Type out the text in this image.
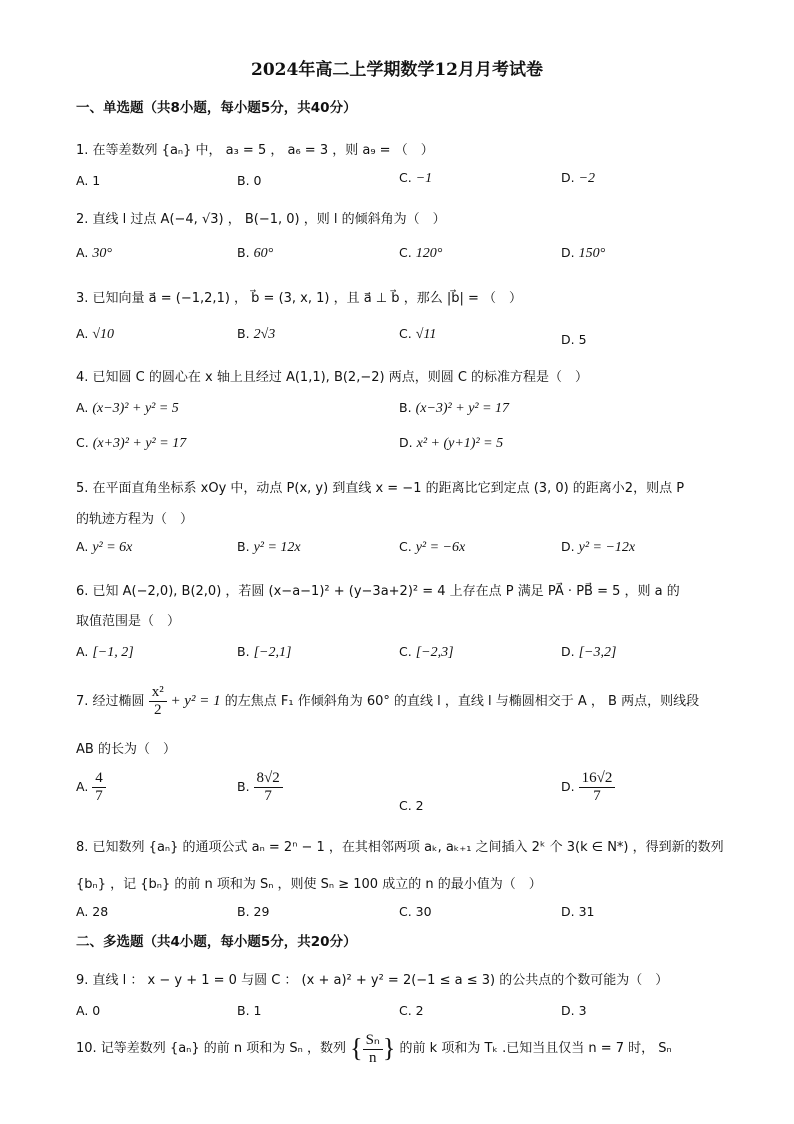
2024年高二上学期数学12月月考试卷
一、单选题（共8小题，每小题5分，共40分）
1. 在等差数列 {aₙ} 中， a₃ = 5 ， a₆ = 3 ，则 a₉ = （　）
A. 1	B. 0	C. −1	D. −2
2. 直线 l 过点 A(−4, √3) ， B(−1, 0) ，则 l 的倾斜角为（　）
A. 30°	B. 60°	C. 120°	D. 150°
3. 已知向量 a⃗ = (−1,2,1) ， b⃗ = (3, x, 1) ，且 a⃗ ⊥ b⃗ ，那么 |b⃗| = （　）
A. √10	B. 2√3	C. √11	D. 5
4. 已知圆 C 的圆心在 x 轴上且经过 A(1,1), B(2,−2) 两点，则圆 C 的标准方程是（　）
A. (x−3)² + y² = 5	B. (x−3)² + y² = 17
C. (x+3)² + y² = 17	D. x² + (y+1)² = 5
5. 在平面直角坐标系 xOy 中，动点 P(x, y) 到直线 x = −1 的距离比它到定点 (3, 0) 的距离小2，则点 P
的轨迹方程为（　）
A. y² = 6x	B. y² = 12x	C. y² = −6x	D. y² = −12x
6. 已知 A(−2,0), B(2,0) ，若圆 (x−a−1)² + (y−3a+2)² = 4 上存在点 P 满足 PA⃗ · PB⃗ = 5 ，则 a 的
取值范围是（　）
A. [−1, 2]	B. [−2,1]	C. [−2,3]	D. [−3,2]
7. 经过椭圆 $\frac{\text{x²}}{2} + y^2 = 1$ 的左焦点 F₁ 作倾斜角为 60° 的直线 l ，直线 l 与椭圆相交于 A ， B 两点，则线段
AB 的长为（　）
A. $\frac{4}{7}$	B. $\frac{8√2}{7}$
C. 2
D. $\frac{16√2}{7}$
8. 已知数列 {aₙ} 的通项公式 aₙ = 2ⁿ − 1 ，在其相邻两项 aₖ, aₖ₊₁ 之间插入 2ᵏ 个 3(k ∈ N*) ，得到新的数列
{bₙ} ，记 {bₙ} 的前 n 项和为 Sₙ ，则使 Sₙ ≥ 100 成立的 n 的最小值为（　）
A. 28	B. 29	C. 30	D. 31
二、多选题（共4小题，每小题5分，共20分）
9. 直线 l ： x − y + 1 = 0 与圆 C ： (x + a)² + y² = 2(−1 ≤ a ≤ 3) 的公共点的个数可能为（　）
A. 0	B. 1	C. 2	D. 3
10. 记等差数列 {aₙ} 的前 n 项和为 Sₙ ，数列 { $\frac{\text{Sₙ}}{n}$ } 的前 k 项和为 Tₖ .已知当且仅当 n = 7 时， Sₙ
